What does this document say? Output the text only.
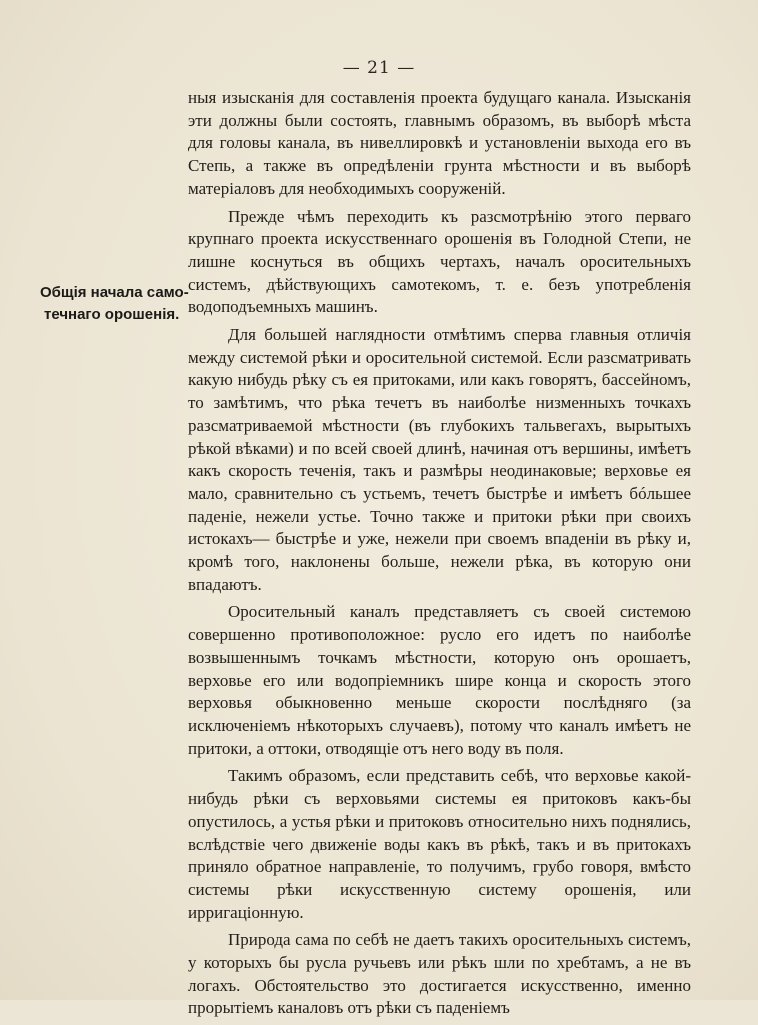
— 21 —
Общія начала само-
течнаго орошенія.

ныя изысканія для составленія проекта будущаго канала. Изысканія эти должны были состоять, главнымъ образомъ, въ выборѣ мѣста для головы канала, въ нивеллировкѣ и установленіи выхода его въ Степь, а также въ опредѣленіи грунта мѣстности и въ выборѣ матеріаловъ для необходимыхъ сооруженій.

Прежде чѣмъ переходить къ разсмотрѣнію этого перваго крупнаго проекта искусственнаго орошенія въ Голодной Степи, не лишне коснуться въ общихъ чертахъ, началъ оросительныхъ системъ, дѣйствующихъ самотекомъ, т. е. безъ употребленія водоподъемныхъ машинъ.

Для большей наглядности отмѣтимъ сперва главныя отличія между системой рѣки и оросительной системой. Если разсматривать какую нибудь рѣку съ ея притоками, или какъ говорятъ, бассейномъ, то замѣтимъ, что рѣка течетъ въ наиболѣе низменныхъ точкахъ разсматриваемой мѣстности (въ глубокихъ тальвегахъ, вырытыхъ рѣкой вѣками) и по всей своей длинѣ, начиная отъ вершины, имѣетъ какъ скорость теченія, такъ и размѣры неодинаковые; верховье ея мало, сравнительно съ устьемъ, течетъ быстрѣе и имѣетъ бóльшее паденіе, нежели устье. Точно также и притоки рѣки при своихъ истокахъ— быстрѣе и уже, нежели при своемъ впаденіи въ рѣку и, кромѣ того, наклонены больше, нежели рѣка, въ которую они впадаютъ.

Оросительный каналъ представляетъ съ своей системою совершенно противоположное: русло его идетъ по наиболѣе возвышеннымъ точкамъ мѣстности, которую онъ орошаетъ, верховье его или водопріемникъ шире конца и скорость этого верховья обыкновенно меньше скорости послѣдняго (за исключеніемъ нѣкоторыхъ случаевъ), потому что каналъ имѣетъ не притоки, а оттоки, отводящіе отъ него воду въ поля.

Такимъ образомъ, если представить себѣ, что верховье какой-нибудь рѣки съ верховьями системы ея притоковъ какъ-бы опустилось, а устья рѣки и притоковъ относительно нихъ поднялись, вслѣдствіе чего движеніе воды какъ въ рѣкѣ, такъ и въ притокахъ приняло обратное направленіе, то получимъ, грубо говоря, вмѣсто системы рѣки искусственную систему орошенія, или ирригаціонную.

Природа сама по себѣ не даетъ такихъ оросительныхъ системъ, у которыхъ бы русла ручьевъ или рѣкъ шли по хребтамъ, а не въ логахъ. Обстоятельство это достигается искусственно, именно прорытіемъ каналовъ отъ рѣки съ паденіемъ
